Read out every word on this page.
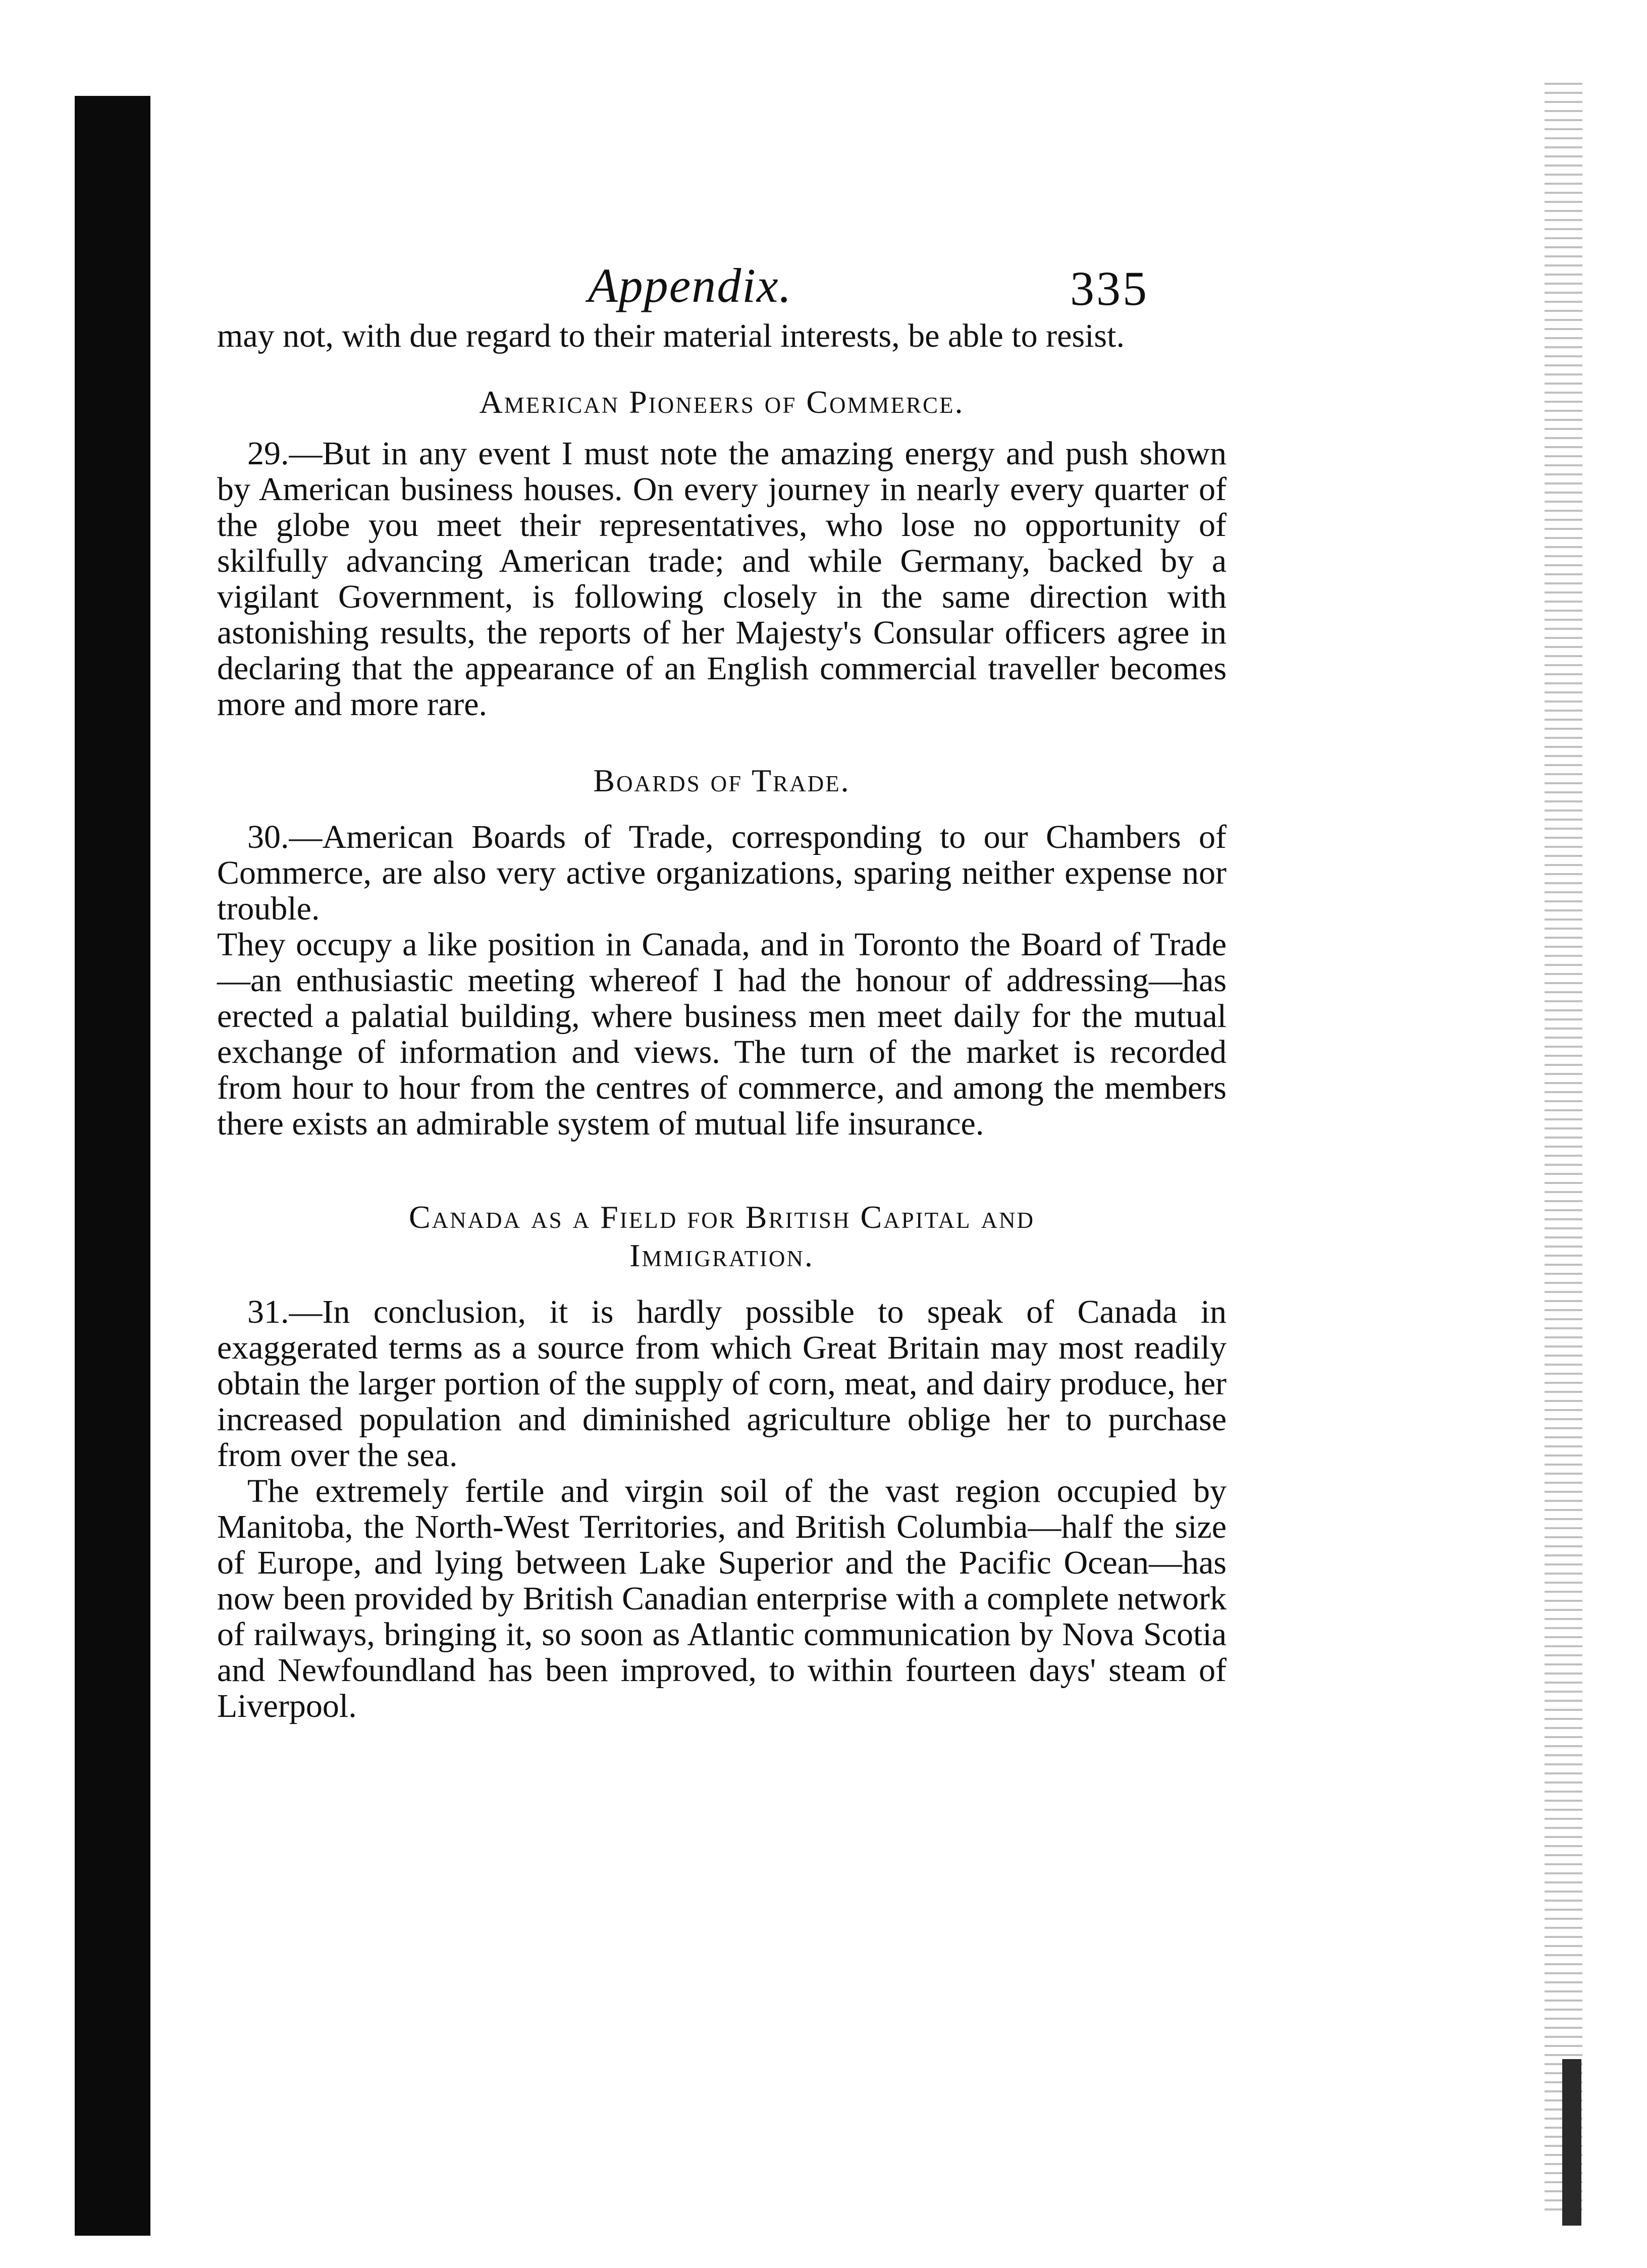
Appendix.	335

may not, with due regard to their material interests, be able to resist.

American Pioneers of Commerce.

29.—But in any event I must note the amazing energy and push shown by American business houses. On every journey in nearly every quarter of the globe you meet their representatives, who lose no opportunity of skilfully advancing American trade; and while Germany, backed by a vigilant Government, is following closely in the same direction with astonishing results, the reports of her Majesty's Consular officers agree in declaring that the appearance of an English commercial traveller becomes more and more rare.

Boards of Trade.

30.—American Boards of Trade, corresponding to our Chambers of Commerce, are also very active organizations, sparing neither expense nor trouble.

They occupy a like position in Canada, and in Toronto the Board of Trade—an enthusiastic meeting whereof I had the honour of addressing—has erected a palatial building, where business men meet daily for the mutual exchange of information and views. The turn of the market is recorded from hour to hour from the centres of commerce, and among the members there exists an admirable system of mutual life insurance.

Canada as a Field for British Capital and
Immigration.

31.—In conclusion, it is hardly possible to speak of Canada in exaggerated terms as a source from which Great Britain may most readily obtain the larger portion of the supply of corn, meat, and dairy produce, her increased population and diminished agriculture oblige her to purchase from over the sea.

The extremely fertile and virgin soil of the vast region occupied by Manitoba, the North-West Territories, and British Columbia—half the size of Europe, and lying between Lake Superior and the Pacific Ocean—has now been provided by British Canadian enterprise with a complete network of railways, bringing it, so soon as Atlantic communication by Nova Scotia and Newfoundland has been improved, to within fourteen days' steam of Liverpool.
